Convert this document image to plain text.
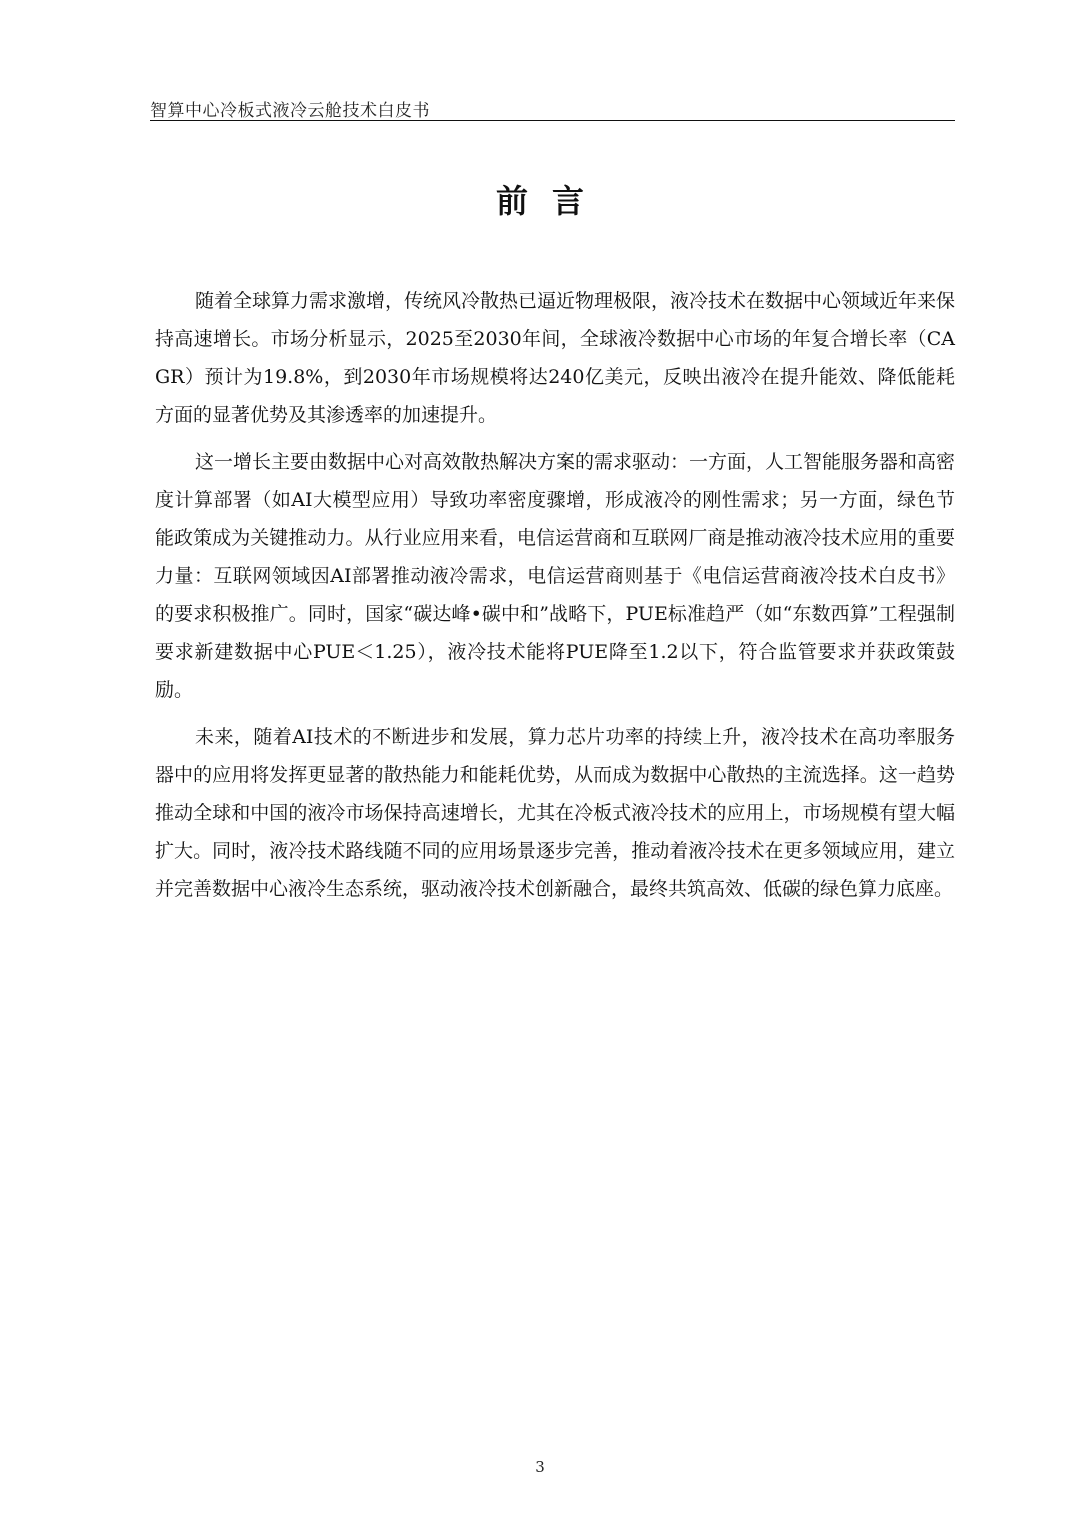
智算中心冷板式液冷云舱技术白皮书
前言

随着全球算力需求激增，传统风冷散热已逼近物理极限，液冷技术在数据中心领域近年来保持高速增长。市场分析显示，2025至2030年间，全球液冷数据中心市场的年复合增长率（CAGR）预计为19.8%，到2030年市场规模将达240亿美元，反映出液冷在提升能效、降低能耗方面的显著优势及其渗透率的加速提升。

这一增长主要由数据中心对高效散热解决方案的需求驱动：一方面，人工智能服务器和高密度计算部署（如AI大模型应用）导致功率密度骤增，形成液冷的刚性需求；另一方面，绿色节能政策成为关键推动力。从行业应用来看，电信运营商和互联网厂商是推动液冷技术应用的重要力量：互联网领域因AI部署推动液冷需求，电信运营商则基于《电信运营商液冷技术白皮书》的要求积极推广。同时，国家“碳达峰•碳中和”战略下，PUE标准趋严（如“东数西算”工程强制要求新建数据中心PUE＜1.25），液冷技术能将PUE降至1.2以下，符合监管要求并获政策鼓励。

未来，随着AI技术的不断进步和发展，算力芯片功率的持续上升，液冷技术在高功率服务器中的应用将发挥更显著的散热能力和能耗优势，从而成为数据中心散热的主流选择。这一趋势推动全球和中国的液冷市场保持高速增长，尤其在冷板式液冷技术的应用上，市场规模有望大幅扩大。同时，液冷技术路线随不同的应用场景逐步完善，推动着液冷技术在更多领域应用，建立并完善数据中心液冷生态系统，驱动液冷技术创新融合，最终共筑高效、低碳的绿色算力底座。

3
